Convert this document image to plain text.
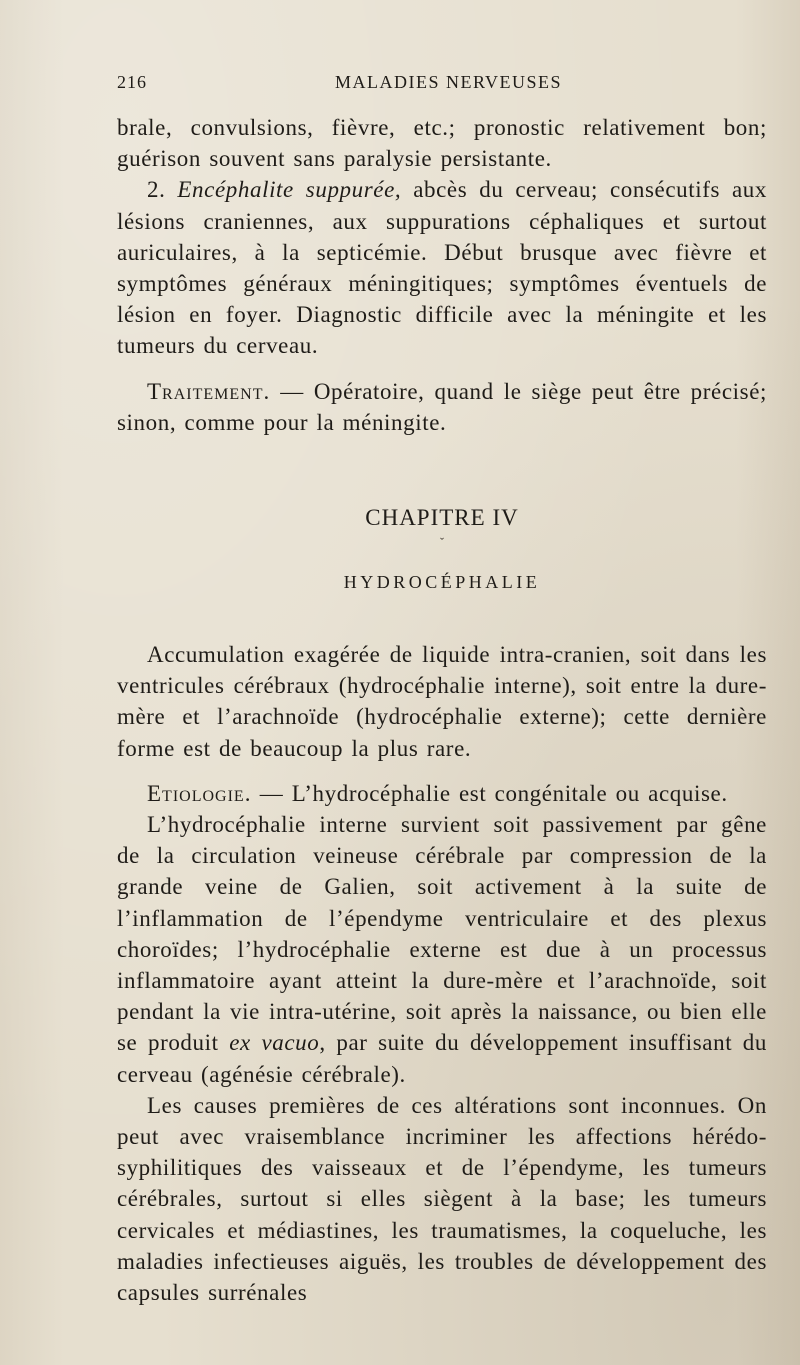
216	MALADIES NERVEUSES

brale, convulsions, fièvre, etc.; pronostic relativement bon; guérison souvent sans paralysie persistante.

2. Encéphalite suppurée, abcès du cerveau; consécutifs aux lésions craniennes, aux suppurations céphaliques et surtout auriculaires, à la septicémie. Début brusque avec fièvre et symptômes généraux méningitiques; symptômes éventuels de lésion en foyer. Diagnostic difficile avec la méningite et les tumeurs du cerveau.

Traitement. — Opératoire, quand le siège peut être précisé; sinon, comme pour la méningite.

CHAPITRE IV
ˇ
HYDROCÉPHALIE

Accumulation exagérée de liquide intra-cranien, soit dans les ventricules cérébraux (hydrocéphalie interne), soit entre la dure-mère et l’arachnoïde (hydrocéphalie externe); cette dernière forme est de beaucoup la plus rare.

Etiologie. — L’hydrocéphalie est congénitale ou acquise.

L’hydrocéphalie interne survient soit passivement par gêne de la circulation veineuse cérébrale par compression de la grande veine de Galien, soit activement à la suite de l’inflammation de l’épendyme ventriculaire et des plexus choroïdes; l’hydrocéphalie externe est due à un processus inflammatoire ayant atteint la dure-mère et l’arachnoïde, soit pendant la vie intra-utérine, soit après la naissance, ou bien elle se produit ex vacuo, par suite du développement insuffisant du cerveau (agénésie cérébrale).

Les causes premières de ces altérations sont inconnues. On peut avec vraisemblance incriminer les affections hérédo-syphilitiques des vaisseaux et de l’épendyme, les tumeurs cérébrales, surtout si elles siègent à la base; les tumeurs cervicales et médiastines, les traumatismes, la coqueluche, les maladies infectieuses aiguës, les troubles de développement des capsules surrénales
